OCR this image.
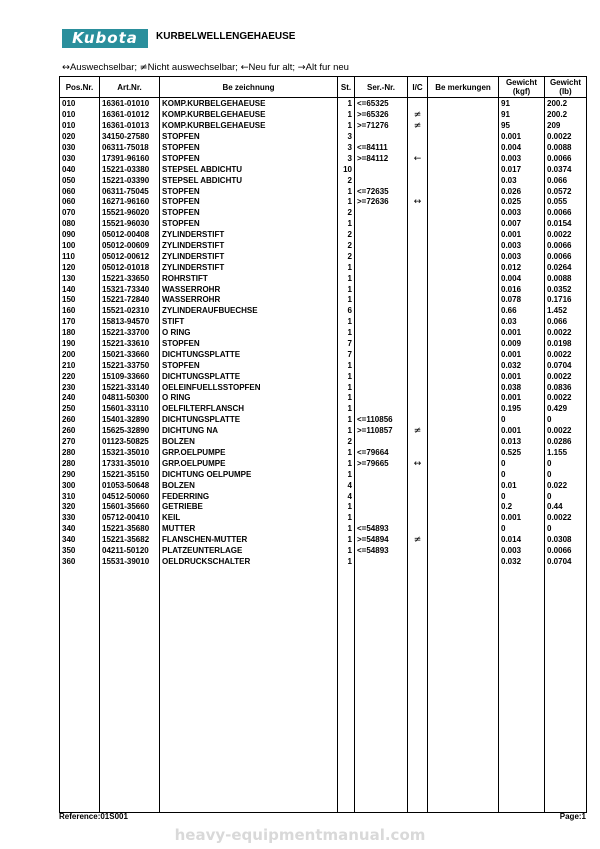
Kubota	KURBELWELLENGEHAEUSE
↔Auswechselbar; ≠Nicht auswechselbar; ←Neu fur alt; →Alt fur neu
Pos.Nr.	Art.Nr.	Be zeichnung	St.	Ser.-Nr.	I/C	Be merkungen	Gewicht (kgf)	Gewicht (lb)
010	16361-01010	KOMP.KURBELGEHAEUSE	1	<=65325			91	200.2
010	16361-01012	KOMP.KURBELGEHAEUSE	1	>=65326	≠		91	200.2
010	16361-01013	KOMP.KURBELGEHAEUSE	1	>=71276	≠		95	209
020	34150-27580	STOPFEN	3				0.001	0.0022
030	06311-75018	STOPFEN	3	<=84111			0.004	0.0088
030	17391-96160	STOPFEN	3	>=84112	←		0.003	0.0066
040	15221-03380	STEPSEL ABDICHTU	10				0.017	0.0374
050	15221-03390	STEPSEL ABDICHTU	2				0.03	0.066
060	06311-75045	STOPFEN	1	<=72635			0.026	0.0572
060	16271-96160	STOPFEN	1	>=72636	↔		0.025	0.055
070	15521-96020	STOPFEN	2				0.003	0.0066
080	15521-96030	STOPFEN	1				0.007	0.0154
090	05012-00408	ZYLINDERSTIFT	2				0.001	0.0022
100	05012-00609	ZYLINDERSTIFT	2				0.003	0.0066
110	05012-00612	ZYLINDERSTIFT	2				0.003	0.0066
120	05012-01018	ZYLINDERSTIFT	1				0.012	0.0264
130	15221-33650	ROHRSTIFT	1				0.004	0.0088
140	15321-73340	WASSERROHR	1				0.016	0.0352
150	15221-72840	WASSERROHR	1				0.078	0.1716
160	15521-02310	ZYLINDERAUFBUECHSE	6				0.66	1.452
170	15813-94570	STIFT	1				0.03	0.066
180	15221-33700	O RING	1				0.001	0.0022
190	15221-33610	STOPFEN	7				0.009	0.0198
200	15021-33660	DICHTUNGSPLATTE	7				0.001	0.0022
210	15221-33750	STOPFEN	1				0.032	0.0704
220	15109-33660	DICHTUNGSPLATTE	1				0.001	0.0022
230	15221-33140	OELEINFUELLSSTOPFEN	1				0.038	0.0836
240	04811-50300	O RING	1				0.001	0.0022
250	15601-33110	OELFILTERFLANSCH	1				0.195	0.429
260	15401-32890	DICHTUNGSPLATTE	1	<=110856			0	0
260	15625-32890	DICHTUNG NA	1	>=110857	≠		0.001	0.0022
270	01123-50825	BOLZEN	2				0.013	0.0286
280	15321-35010	GRP.OELPUMPE	1	<=79664			0.525	1.155
280	17331-35010	GRP.OELPUMPE	1	>=79665	↔		0	0
290	15221-35150	DICHTUNG OELPUMPE	1				0	0
300	01053-50648	BOLZEN	4				0.01	0.022
310	04512-50060	FEDERRING	4				0	0
320	15601-35660	GETRIEBE	1				0.2	0.44
330	05712-00410	KEIL	1				0.001	0.0022
340	15221-35680	MUTTER	1	<=54893			0	0
340	15221-35682	FLANSCHEN-MUTTER	1	>=54894	≠		0.014	0.0308
350	04211-50120	PLATZEUNTERLAGE	1	<=54893			0.003	0.0066
360	15531-39010	OELDRUCKSCHALTER	1				0.032	0.0704

Reference:01S001	Page:1
heavy-equipmentmanual.com
